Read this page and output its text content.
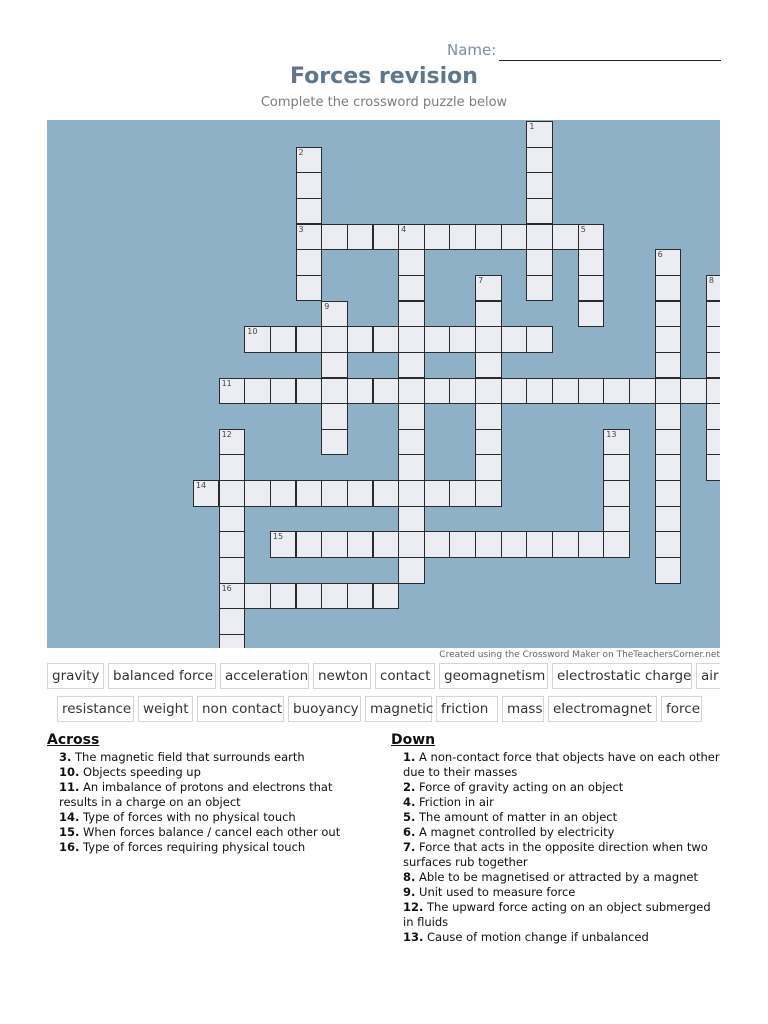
Name:
Forces revision
Complete the crossword puzzle below
1
2
3	4	5
6
7	8
9
10
11
12
16
13
14
15
Created using the Crossword Maker on TheTeachersCorner.net
gravity	balanced force acceleration newton contact geomagnetism electrostatic charge air
resistance weight non contact buoyancy magnetic friction	mass electromagnet	force
Across

3. The magnetic field that surrounds earth

10. Objects speeding up

11. An imbalance of protons and electrons that results in a charge on an object

14. Type of forces with no physical touch

15. When forces balance / cancel each other out

16. Type of forces requiring physical touch

Down

1. A non-contact force that objects have on each other due to their masses

2. Force of gravity acting on an object

4. Friction in air

5. The amount of matter in an object

6. A magnet controlled by electricity

7. Force that acts in the opposite direction when two surfaces rub together

8. Able to be magnetised or attracted by a magnet

9. Unit used to measure force

12. The upward force acting on an object submerged in fluids

13. Cause of motion change if unbalanced
